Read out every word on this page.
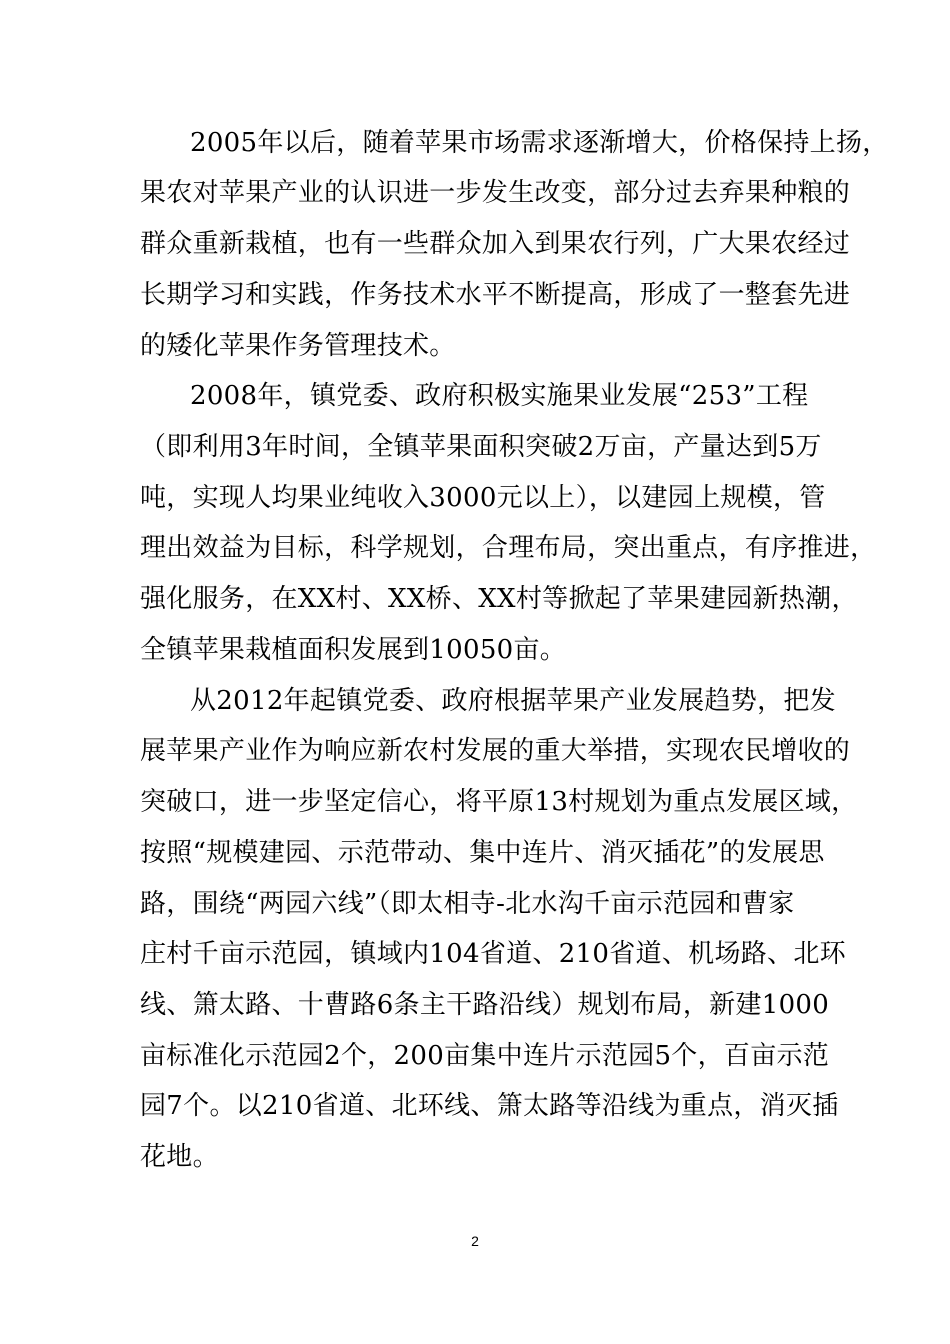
2005年以后，随着苹果市场需求逐渐增大，价格保持上扬，
果农对苹果产业的认识进一步发生改变，部分过去弃果种粮的
群众重新栽植，也有一些群众加入到果农行列，广大果农经过
长期学习和实践，作务技术水平不断提高，形成了一整套先进
的矮化苹果作务管理技术。
2008年，镇党委、政府积极实施果业发展“253”工程
（即利用3年时间，全镇苹果面积突破2万亩，产量达到5万
吨，实现人均果业纯收入3000元以上），以建园上规模，管
理出效益为目标，科学规划，合理布局，突出重点，有序推进，
强化服务，在XX村、XX桥、XX村等掀起了苹果建园新热潮，
全镇苹果栽植面积发展到10050亩。
从2012年起镇党委、政府根据苹果产业发展趋势，把发
展苹果产业作为响应新农村发展的重大举措，实现农民增收的
突破口，进一步坚定信心，将平原13村规划为重点发展区域，
按照“规模建园、示范带动、集中连片、消灭插花”的发展思
路，围绕“两园六线”（即太相寺-北水沟千亩示范园和曹家
庄村千亩示范园，镇域内104省道、210省道、机场路、北环
线、箫太路、十曹路6条主干路沿线）规划布局，新建1000
亩标准化示范园2个，200亩集中连片示范园5个，百亩示范
园7个。以210省道、北环线、箫太路等沿线为重点，消灭插
花地。
2
